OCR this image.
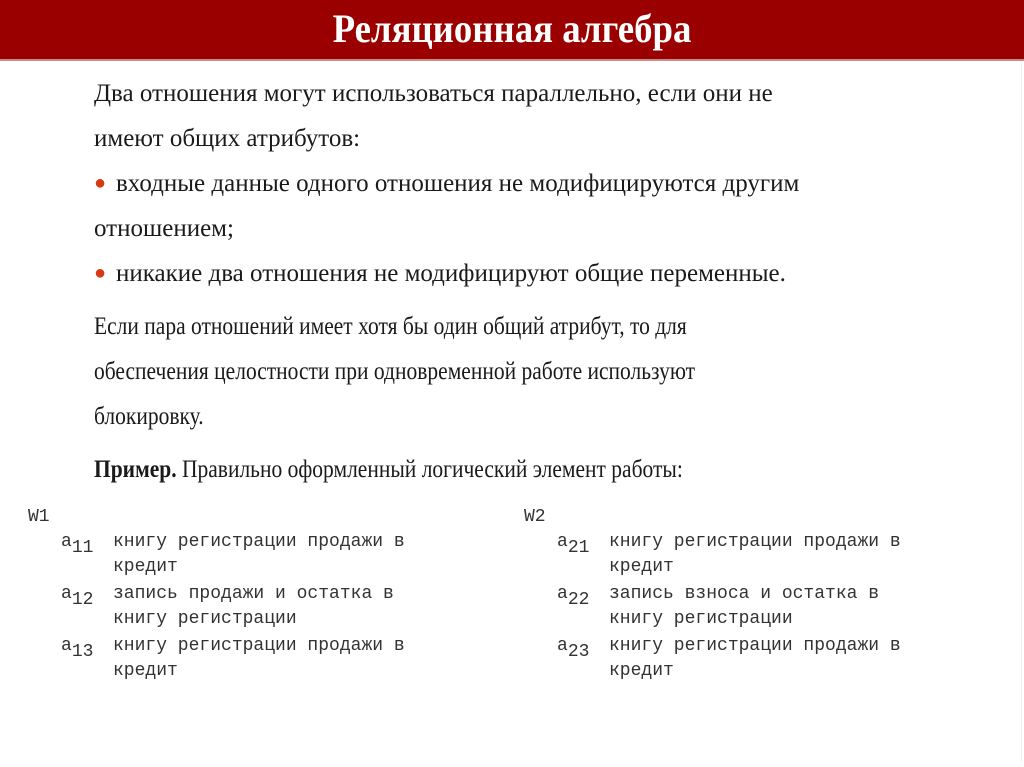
Реляционная алгебра

Два отношения могут использоваться параллельно, если они не

имеют общих атрибутов:

● входные данные одного отношения не модифицируются другим

отношением;

● никакие два отношения не модифицируют общие переменные.

Если пара отношений имеет хотя бы один общий атрибут, то для

обеспечения целостности при одновременной работе используют

блокировку.

Пример. Правильно оформленный логический элемент работы:

W1
$a_{11}$ книгу регистрации продажи в
кредит
$a_{12}$ запись продажи и остатка в
книгу регистрации
$a_{13}$ книгу регистрации продажи в
кредит
W2
$a_{21}$ книгу регистрации продажи в
кредит
$a_{22}$ запись взноса и остатка в
книгу регистрации
$a_{23}$ книгу регистрации продажи в
кредит
